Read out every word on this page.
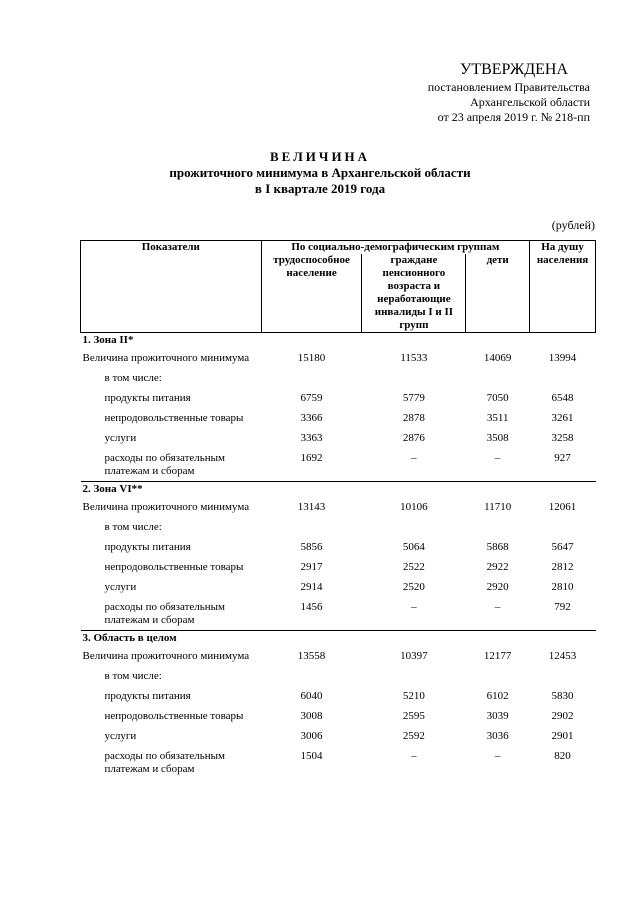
УТВЕРЖДЕНА
постановлением Правительства
Архангельской области
от 23 апреля 2019 г. № 218-пп
ВЕЛИЧИНА
прожиточного минимума в Архангельской области
в I квартале 2019 года
(рублей)
Показатели	По социально-демографическим группам			На душу населения
	трудоспособное население	граждане пенсионного возраста и неработающие инвалиды I и II групп	дети	
1. Зона II*				
Величина прожиточного минимума	15180	11533	14069	13994
в том числе:				
продукты питания	6759	5779	7050	6548
непродовольственные товары	3366	2878	3511	3261
услуги	3363	2876	3508	3258
расходы по обязательным платежам и сборам	1692	–	–	927
2. Зона VI**				
Величина прожиточного минимума	13143	10106	11710	12061
в том числе:				
продукты питания	5856	5064	5868	5647
непродовольственные товары	2917	2522	2922	2812
услуги	2914	2520	2920	2810
расходы по обязательным платежам и сборам	1456	–	–	792
3. Область в целом				
Величина прожиточного минимума	13558	10397	12177	12453
в том числе:				
продукты питания	6040	5210	6102	5830
непродовольственные товары	3008	2595	3039	2902
услуги	3006	2592	3036	2901
расходы по обязательным платежам и сборам	1504	–	–	820
